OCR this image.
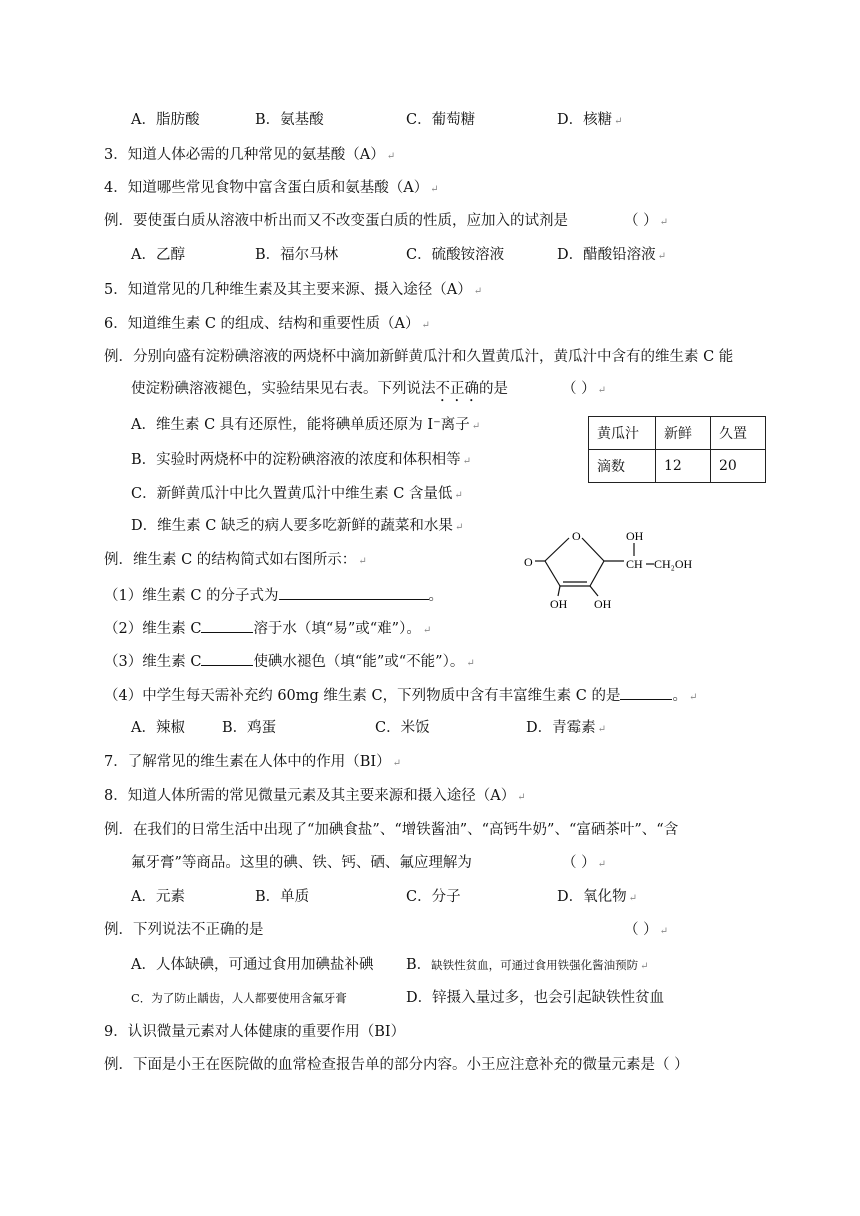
A．脂肪酸	B．氨基酸	C．葡萄糖	D．核糖 ↵
3．知道人体必需的几种常见的氨基酸（A） ↵
4．知道哪些常见食物中富含蛋白质和氨基酸（A） ↵
例．要使蛋白质从溶液中析出而又不改变蛋白质的性质，应加入的试剂是	（ ） ↵
A．乙醇	B．福尔马林	C．硫酸铵溶液	D．醋酸铅溶液 ↵
5．知道常见的几种维生素及其主要来源、摄入途径（A） ↵
6．知道维生素 C 的组成、结构和重要性质（A） ↵
例．分别向盛有淀粉碘溶液的两烧杯中滴加新鲜黄瓜汁和久置黄瓜汁，黄瓜汁中含有的维生素 C 能
使淀粉碘溶液褪色，实验结果见右表。下列说法不正确的是	（ ） ↵
A．维生素 C 具有还原性，能将碘单质还原为 I⁻离子 ↵
B．实验时两烧杯中的淀粉碘溶液的浓度和体积相等 ↵
C．新鲜黄瓜汁中比久置黄瓜汁中维生素 C 含量低 ↵
D．维生素 C 缺乏的病人要多吃新鲜的蔬菜和水果 ↵
黄瓜汁	新鲜	久置
滴数	12	20
O
O
OH
CH CH₂OH
OH OH
例．维生素 C 的结构简式如右图所示： ↵
（1）维生素 C 的分子式为	。
（2）维生素 C	溶于水（填“易”或“难”）。 ↵
（3）维生素 C	使碘水褪色（填“能”或“不能”）。 ↵
（4）中学生每天需补充约 60mg 维生素 C，下列物质中含有丰富维生素 C 的是	。 ↵
A．辣椒	B．鸡蛋	C．米饭	D．青霉素 ↵
7．了解常见的维生素在人体中的作用（BI） ↵
8．知道人体所需的常见微量元素及其主要来源和摄入途径（A） ↵
例．在我们的日常生活中出现了“加碘食盐”、“增铁酱油”、“高钙牛奶”、“富硒茶叶”、“含
氟牙膏”等商品。这里的碘、铁、钙、硒、氟应理解为	（ ） ↵
A．元素	B．单质	C．分子	D．氧化物 ↵
例．下列说法不正确的是	（ ） ↵
A．人体缺碘，可通过食用加碘盐补碘 B．缺铁性贫血，可通过食用铁强化酱油预防 ↵
C．为了防止龋齿，人人都要使用含氟牙膏	D．锌摄入量过多，也会引起缺铁性贫血
9．认识微量元素对人体健康的重要作用（BI）
例．下面是小王在医院做的血常检查报告单的部分内容。小王应注意补充的微量元素是（ ）
